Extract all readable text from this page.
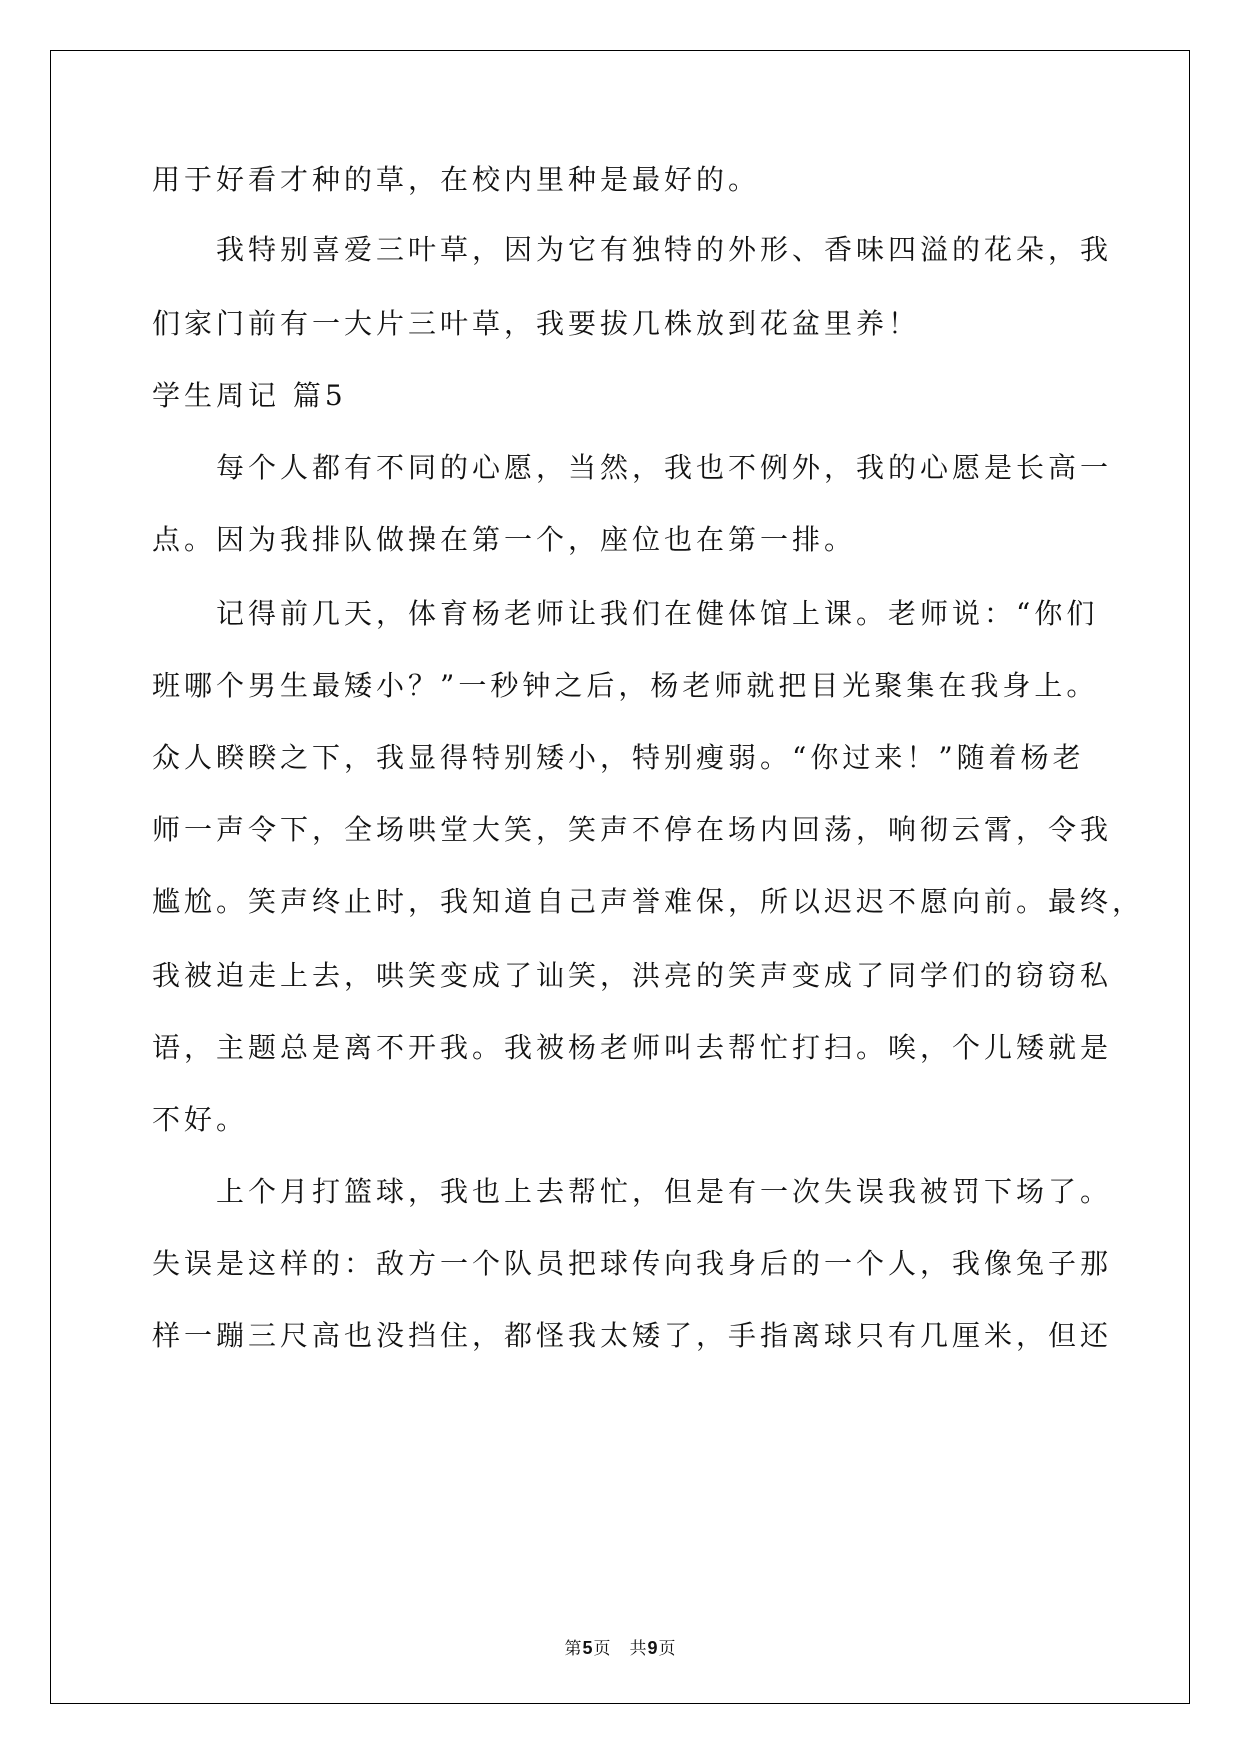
用于好看才种的草，在校内里种是最好的。
我特别喜爱三叶草，因为它有独特的外形、香味四溢的花朵，我
们家门前有一大片三叶草，我要拔几株放到花盆里养！
学生周记 篇5
每个人都有不同的心愿，当然，我也不例外，我的心愿是长高一
点。因为我排队做操在第一个，座位也在第一排。
记得前几天，体育杨老师让我们在健体馆上课。老师说：“你们
班哪个男生最矮小？”一秒钟之后，杨老师就把目光聚集在我身上。
众人睽睽之下，我显得特别矮小，特别瘦弱。“你过来！”随着杨老
师一声令下，全场哄堂大笑，笑声不停在场内回荡，响彻云霄，令我
尴尬。笑声终止时，我知道自己声誉难保，所以迟迟不愿向前。最终，
我被迫走上去，哄笑变成了讪笑，洪亮的笑声变成了同学们的窃窃私
语，主题总是离不开我。我被杨老师叫去帮忙打扫。唉，个儿矮就是
不好。
上个月打篮球，我也上去帮忙，但是有一次失误我被罚下场了。
失误是这样的：敌方一个队员把球传向我身后的一个人，我像兔子那
样一蹦三尺高也没挡住，都怪我太矮了，手指离球只有几厘米，但还
第5页　共9页
